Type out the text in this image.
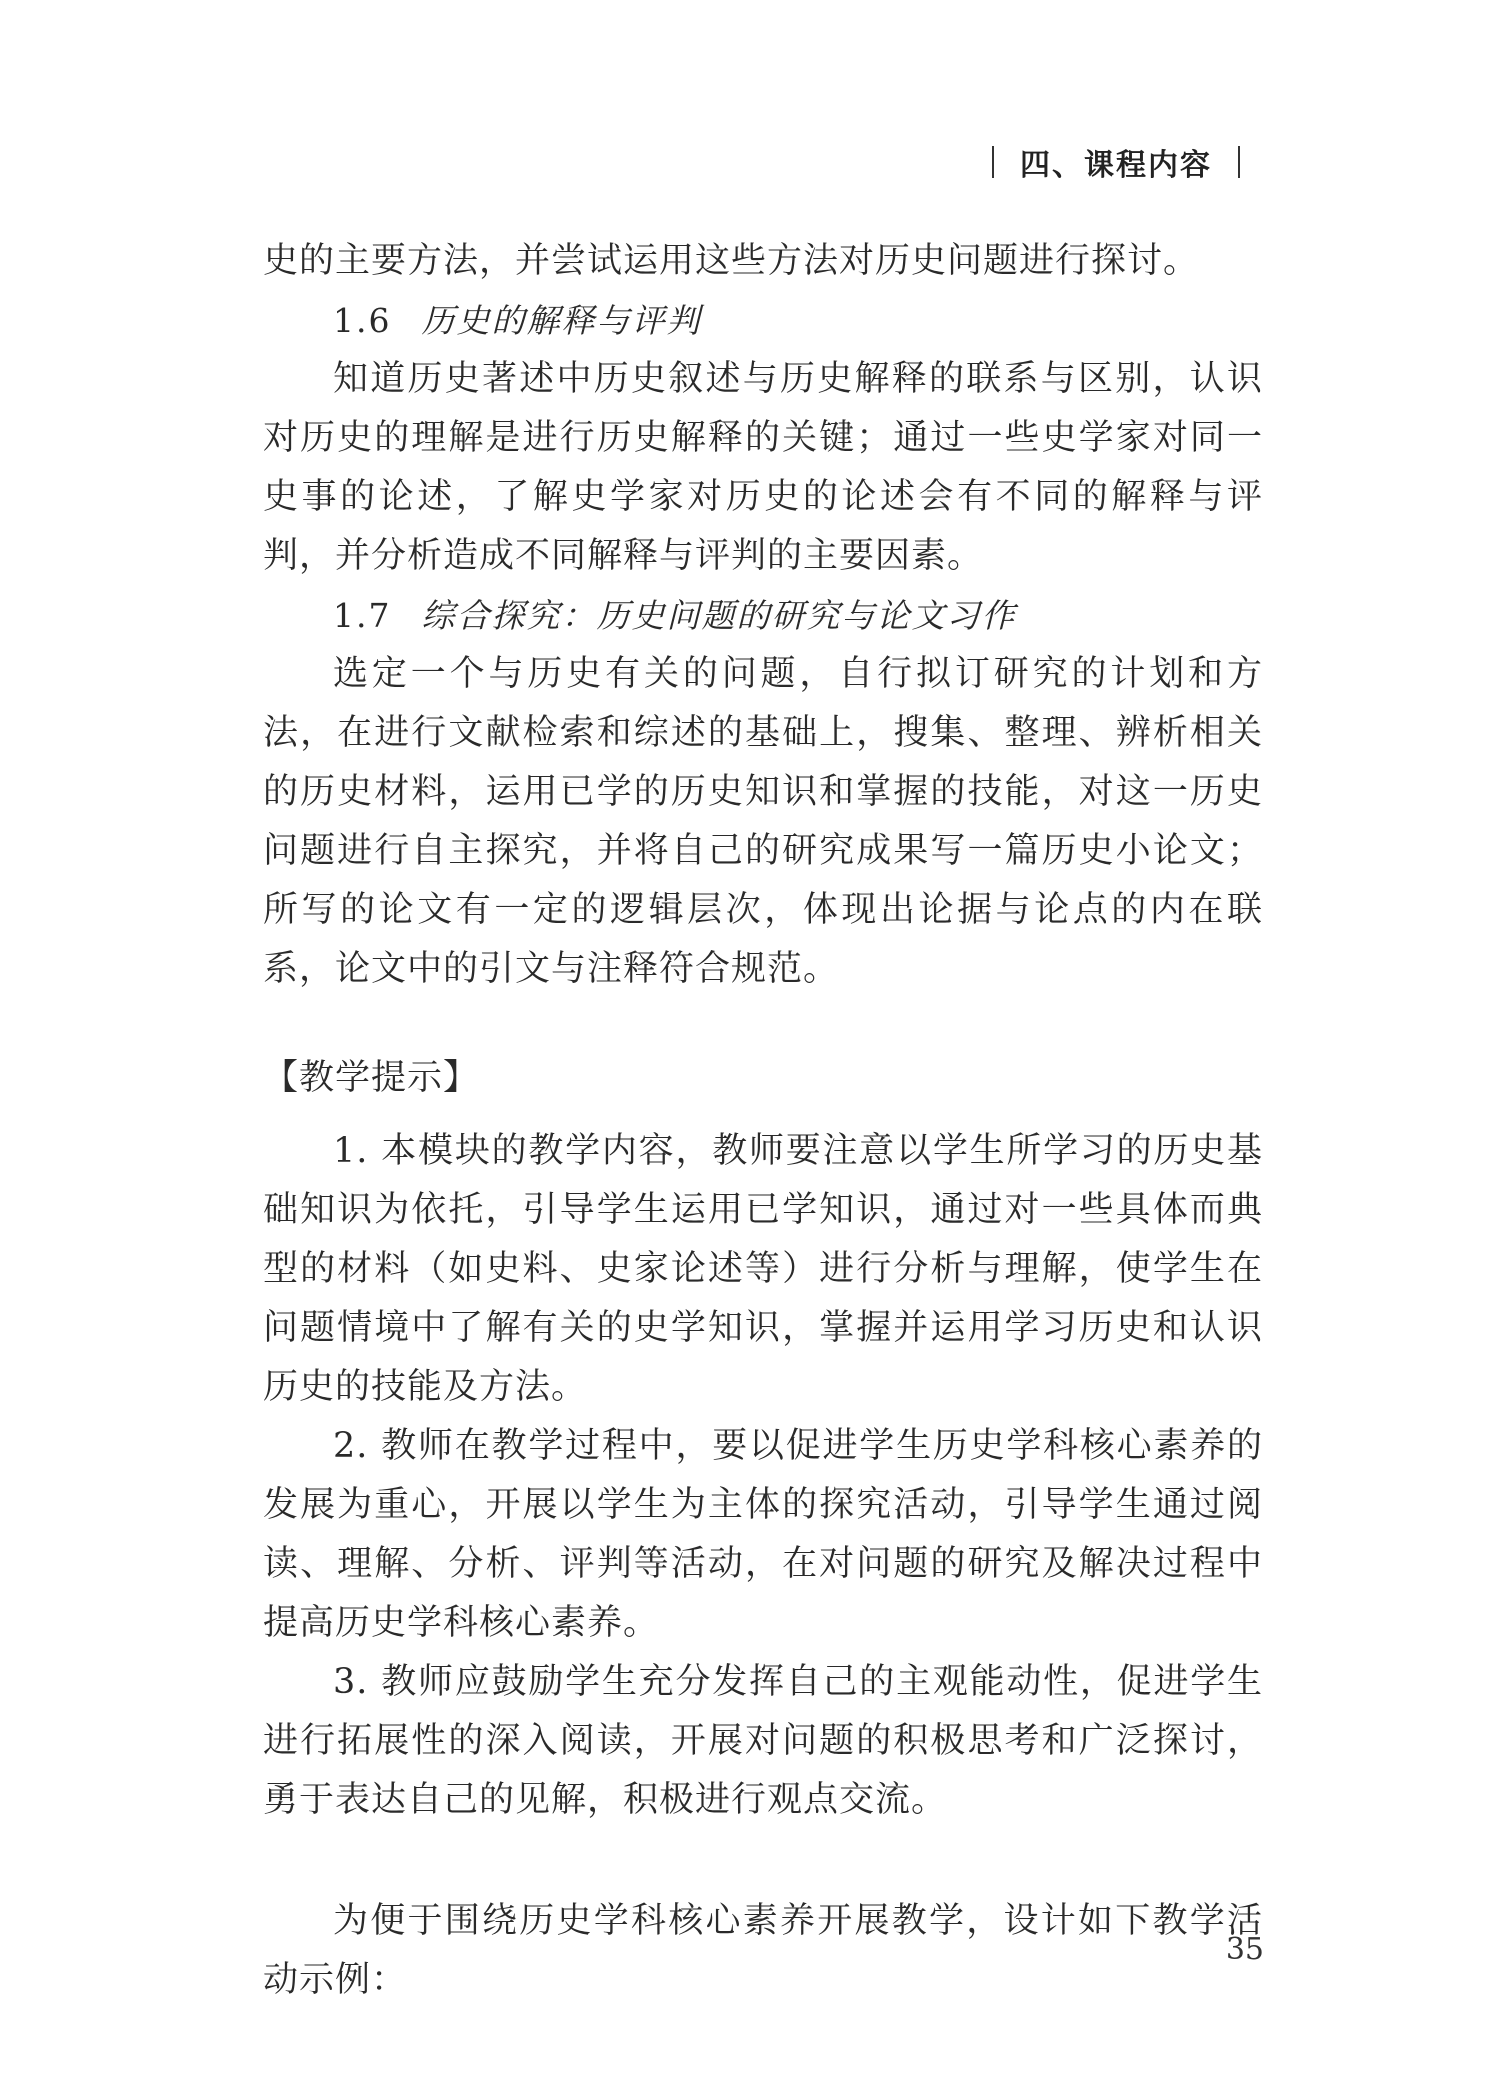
四、课程内容

史的主要方法，并尝试运用这些方法对历史问题进行探讨。

1.6 历史的解释与评判

知道历史著述中历史叙述与历史解释的联系与区别，认识对历史的理解是进行历史解释的关键；通过一些史学家对同一史事的论述，了解史学家对历史的论述会有不同的解释与评判，并分析造成不同解释与评判的主要因素。

1.7 综合探究：历史问题的研究与论文习作

选定一个与历史有关的问题，自行拟订研究的计划和方法，在进行文献检索和综述的基础上，搜集、整理、辨析相关的历史材料，运用已学的历史知识和掌握的技能，对这一历史问题进行自主探究，并将自己的研究成果写一篇历史小论文；所写的论文有一定的逻辑层次，体现出论据与论点的内在联系，论文中的引文与注释符合规范。

【教学提示】

1. 本模块的教学内容，教师要注意以学生所学习的历史基础知识为依托，引导学生运用已学知识，通过对一些具体而典型的材料（如史料、史家论述等）进行分析与理解，使学生在问题情境中了解有关的史学知识，掌握并运用学习历史和认识历史的技能及方法。

2. 教师在教学过程中，要以促进学生历史学科核心素养的发展为重心，开展以学生为主体的探究活动，引导学生通过阅读、理解、分析、评判等活动，在对问题的研究及解决过程中提高历史学科核心素养。

3. 教师应鼓励学生充分发挥自己的主观能动性，促进学生进行拓展性的深入阅读，开展对问题的积极思考和广泛探讨，勇于表达自己的见解，积极进行观点交流。

为便于围绕历史学科核心素养开展教学，设计如下教学活动示例：

35
